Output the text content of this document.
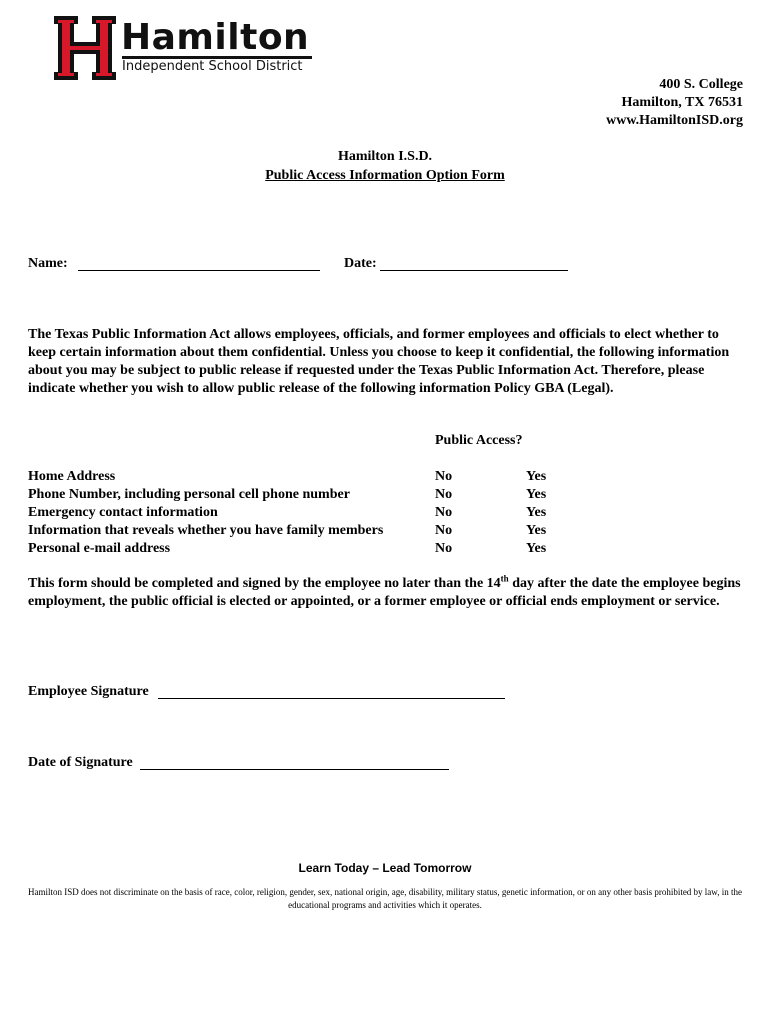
Hamilton
Independent School District
400 S. College
Hamilton, TX 76531
www.HamiltonISD.org
Hamilton I.S.D.
Public Access Information Option Form
Name:	Date:
The Texas Public Information Act allows employees, officials, and former employees and officials to elect whether to keep certain information about them confidential. Unless you choose to keep it confidential, the following information about you may be subject to public release if requested under the Texas Public Information Act. Therefore, please indicate whether you wish to allow public release of the following information Policy GBA (Legal).
Public Access?
Home Address	No	Yes
Phone Number, including personal cell phone number	No	Yes
Emergency contact information	No	Yes
Information that reveals whether you have family members	No	Yes
Personal e-mail address	No	Yes
This form should be completed and signed by the employee no later than the 14th day after the date the employee begins employment, the public official is elected or appointed, or a former employee or official ends employment or service.
Employee Signature
Date of Signature
Learn Today – Lead Tomorrow
Hamilton ISD does not discriminate on the basis of race, color, religion, gender, sex, national origin, age, disability, military status, genetic information, or on any other basis prohibited by law, in the educational programs and activities which it operates.
